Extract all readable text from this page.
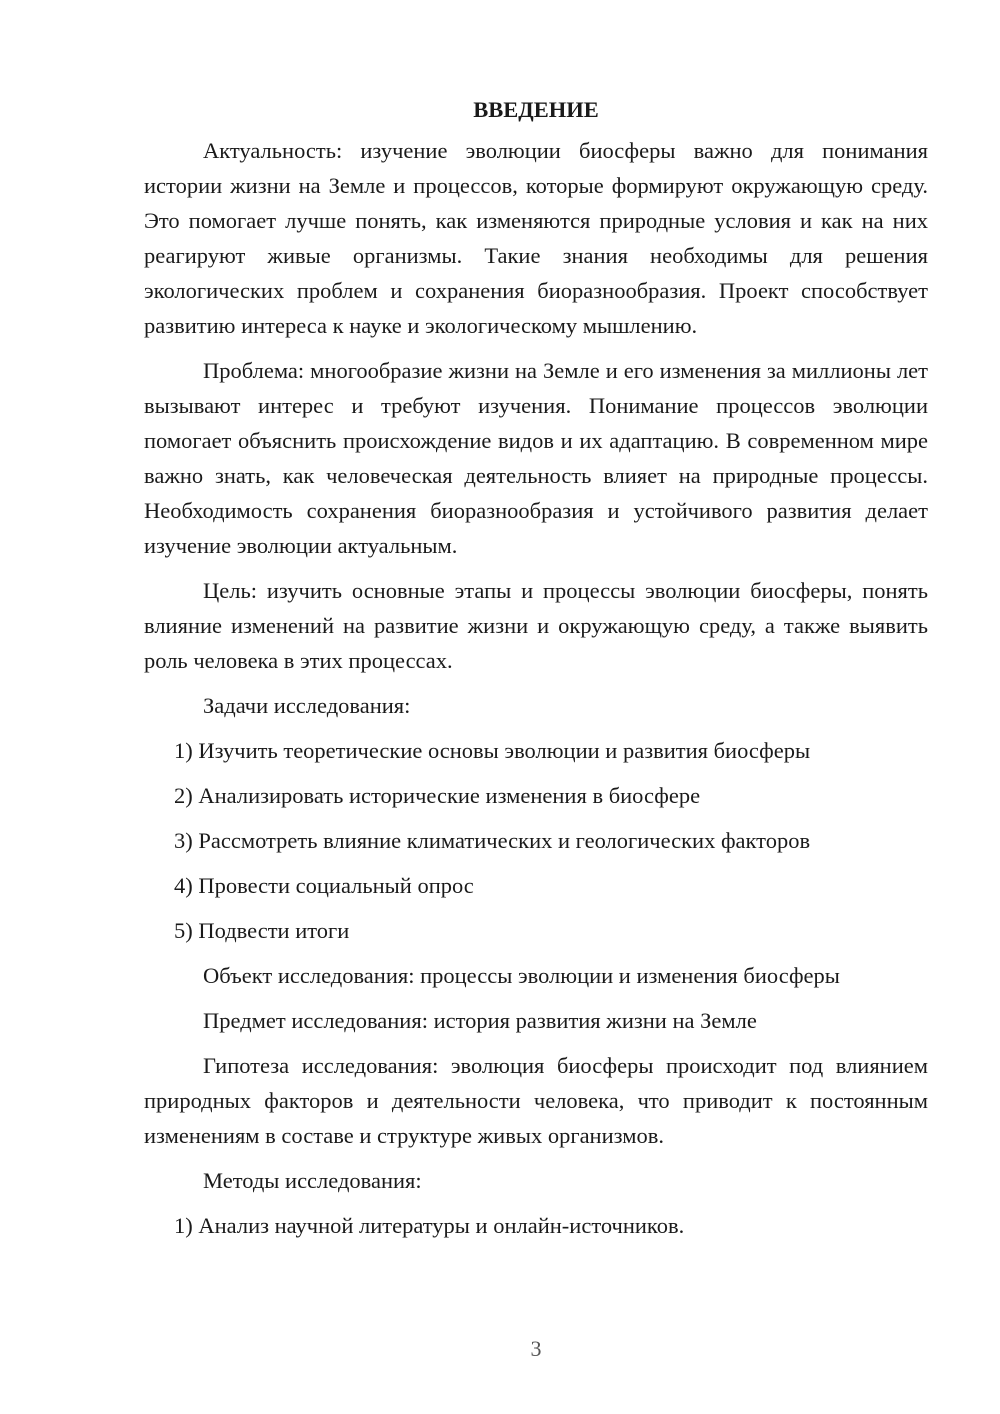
ВВЕДЕНИЕ

Актуальность: изучение эволюции биосферы важно для понимания истории жизни на Земле и процессов, которые формируют окружающую среду. Это помогает лучше понять, как изменяются природные условия и как на них реагируют живые организмы. Такие знания необходимы для решения экологических проблем и сохранения биоразнообразия. Проект способствует развитию интереса к науке и экологическому мышлению.

Проблема: многообразие жизни на Земле и его изменения за миллионы лет вызывают интерес и требуют изучения. Понимание процессов эволюции помогает объяснить происхождение видов и их адаптацию. В современном мире важно знать, как человеческая деятельность влияет на природные процессы. Необходимость сохранения биоразнообразия и устойчивого развития делает изучение эволюции актуальным.

Цель: изучить основные этапы и процессы эволюции биосферы, понять влияние изменений на развитие жизни и окружающую среду, а также выявить роль человека в этих процессах.

Задачи исследования:
1) Изучить теоретические основы эволюции и развития биосферы
2) Анализировать исторические изменения в биосфере
3) Рассмотреть влияние климатических и геологических факторов
4) Провести социальный опрос
5) Подвести итоги
Объект исследования: процессы эволюции и изменения биосферы
Предмет исследования: история развития жизни на Земле

Гипотеза исследования: эволюция биосферы происходит под влиянием природных факторов и деятельности человека, что приводит к постоянным изменениям в составе и структуре живых организмов.

Методы исследования:
1) Анализ научной литературы и онлайн-источников.
3
